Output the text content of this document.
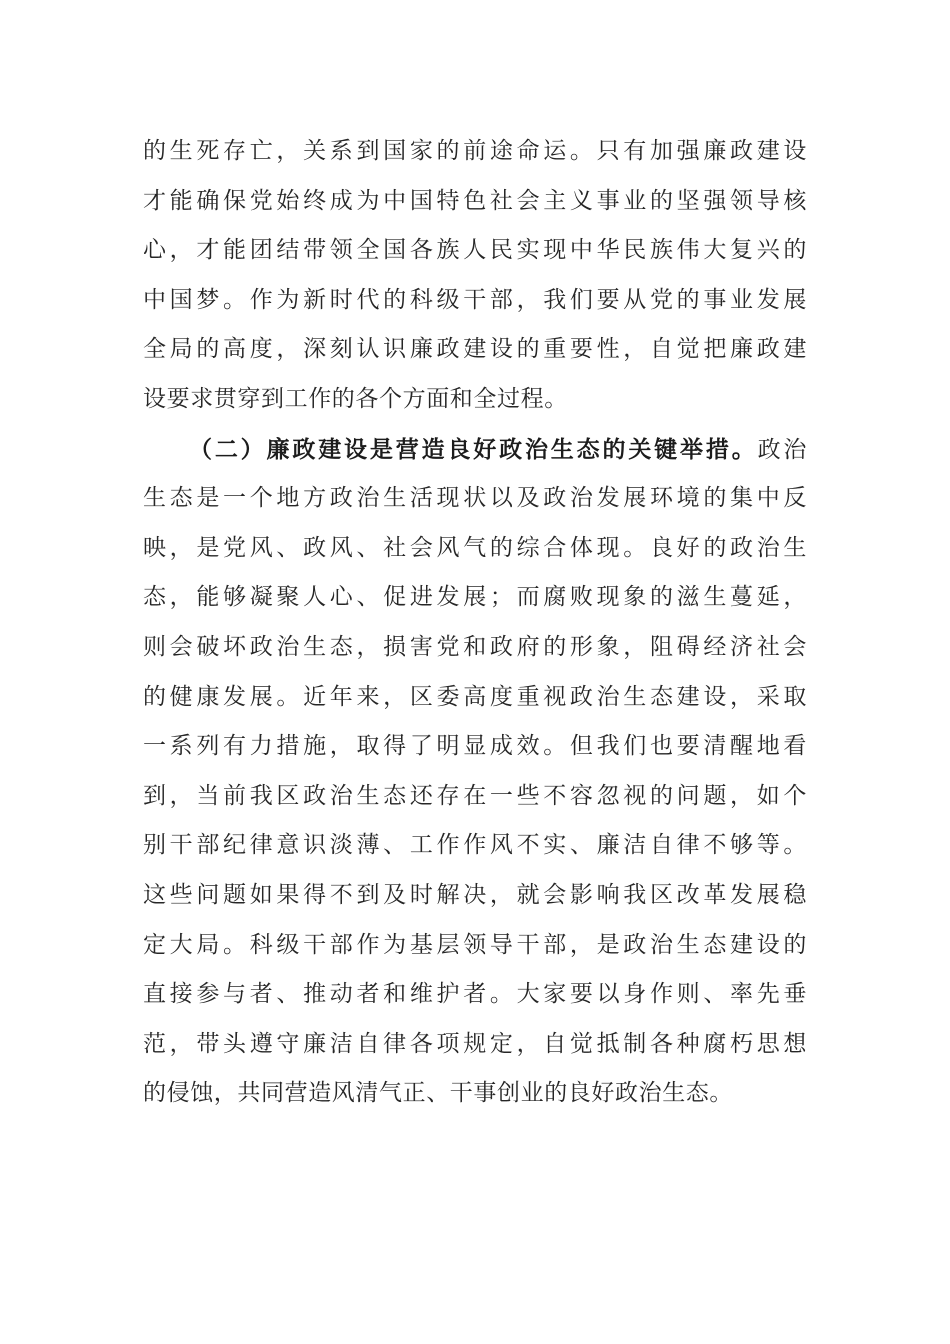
的生死存亡，关系到国家的前途命运。只有加强廉政建设
才能确保党始终成为中国特色社会主义事业的坚强领导核
心，才能团结带领全国各族人民实现中华民族伟大复兴的
中国梦。作为新时代的科级干部，我们要从党的事业发展
全局的高度，深刻认识廉政建设的重要性，自觉把廉政建
设要求贯穿到工作的各个方面和全过程。
（二）廉政建设是营造良好政治生态的关键举措。政治
生态是一个地方政治生活现状以及政治发展环境的集中反
映，是党风、政风、社会风气的综合体现。良好的政治生
态，能够凝聚人心、促进发展；而腐败现象的滋生蔓延，
则会破坏政治生态，损害党和政府的形象，阻碍经济社会
的健康发展。近年来，区委高度重视政治生态建设，采取
一系列有力措施，取得了明显成效。但我们也要清醒地看
到，当前我区政治生态还存在一些不容忽视的问题，如个
别干部纪律意识淡薄、工作作风不实、廉洁自律不够等。
这些问题如果得不到及时解决，就会影响我区改革发展稳
定大局。科级干部作为基层领导干部，是政治生态建设的
直接参与者、推动者和维护者。大家要以身作则、率先垂
范，带头遵守廉洁自律各项规定，自觉抵制各种腐朽思想
的侵蚀，共同营造风清气正、干事创业的良好政治生态。
